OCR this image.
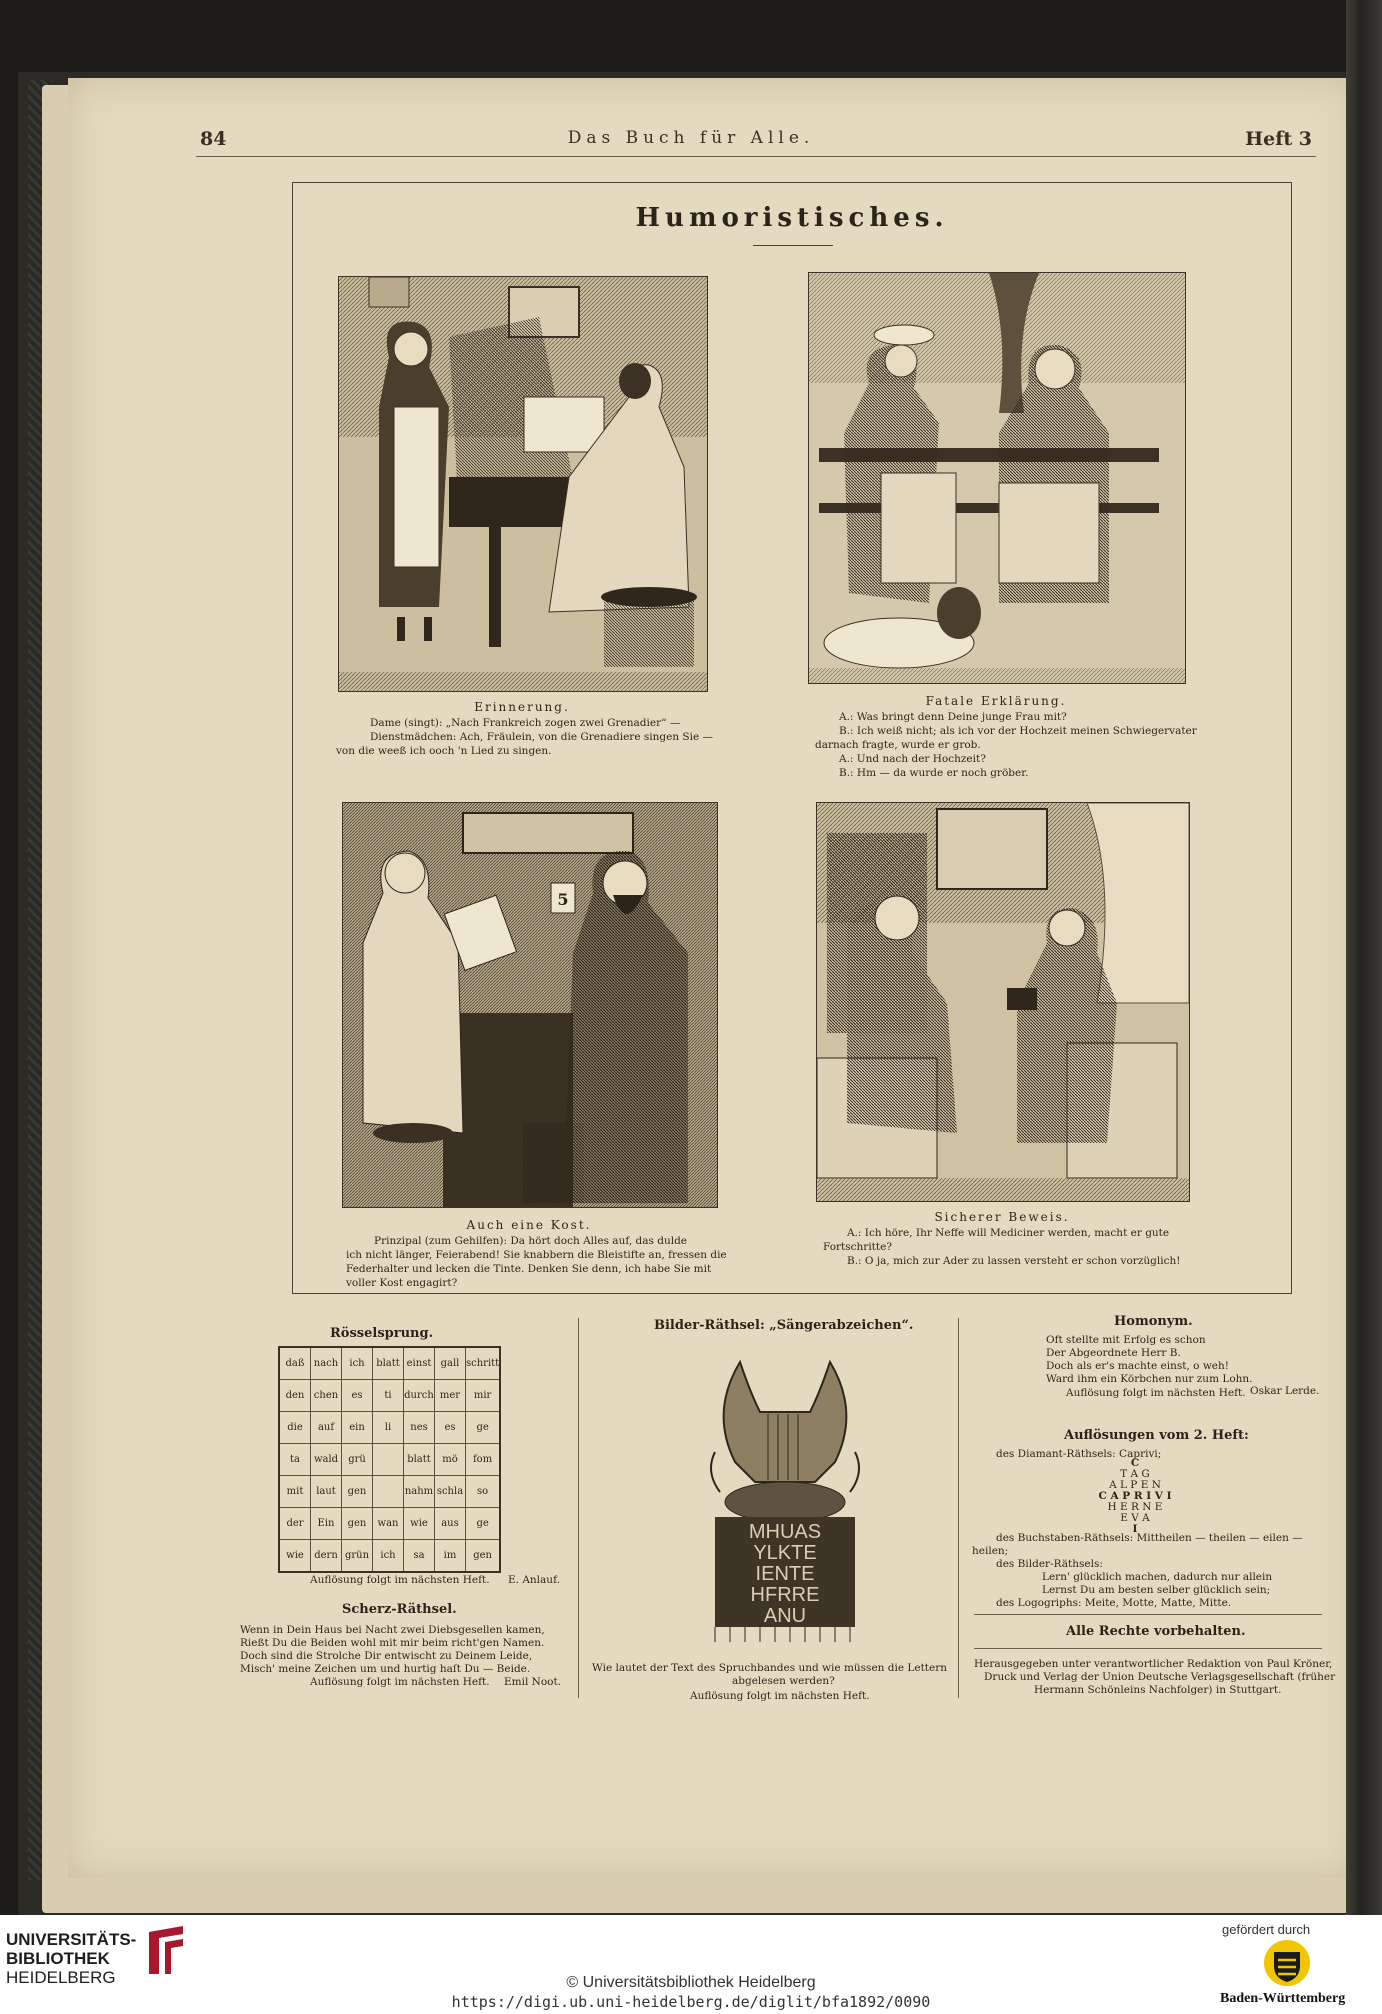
84	Das Buch für Alle.	Heft 3
Humoristisches.
Erinnerung.
Dame (singt): „Nach Frankreich zogen zwei Grenadier“ —
Dienstmädchen: Ach, Fräulein, von die Grenadiere singen Sie —
von die weeß ich ooch 'n Lied zu singen.
Fatale Erklärung.
A.: Was bringt denn Deine junge Frau mit?
B.: Ich weiß nicht; als ich vor der Hochzeit meinen Schwiegervater
darnach fragte, wurde er grob.
A.: Und nach der Hochzeit?
B.: Hm — da wurde er noch gröber.
5
Auch eine Kost.
Prinzipal (zum Gehilfen): Da hört doch Alles auf, das dulde
ich nicht länger, Feierabend! Sie knabbern die Bleistifte an, fressen die
Federhalter und lecken die Tinte. Denken Sie denn, ich habe Sie mit
voller Kost engagirt?
Sicherer Beweis.
A.: Ich höre, Ihr Neffe will Mediciner werden, macht er gute
Fortschritte?
B.: O ja, mich zur Ader zu lassen versteht er schon vorzüglich!
Rösselsprung.
daß	nach	ich	blatt	einst	gall	schritt
den	chen	es	ti	durch	mer	mir
die	auf	ein	li	nes	es	ge
ta	wald	grü		blatt	mö	fom
mit	laut	gen		nahm	schla	so
der	Ein	gen	wan	wie	aus	ge
wie	dern	grün	ich	sa	im	gen
Auflösung folgt im nächsten Heft. E. Anlauf.
Scherz-Räthsel.
Wenn in Dein Haus bei Nacht zwei Diebsgesellen kamen,
Rießt Du die Beiden wohl mit mir beim richt'gen Namen.
Doch sind die Strolche Dir entwischt zu Deinem Leide,
Misch' meine Zeichen um und hurtig haſt Du — Beide.
Auflösung folgt im nächsten Heft. Emil Noot.
Bilder-Räthsel: „Sängerabzeichen“.
MHUAS
YLKTE
IENTE
HFRRE
ANU
Wie lautet der Text des Spruchbandes und wie müssen die Lettern
abgelesen werden?
Auflösung folgt im nächsten Heft.
Homonym.
Oft stellte mit Erfolg es schon
Der Abgeordnete Herr B.
Doch als er's machte einst, o weh!
Ward ihm ein Körbchen nur zum Lohn.
Auflösung folgt im nächsten Heft. Oskar Lerde.
Auflösungen vom 2. Heft:
des Diamant-Räthsels: Caprivi;
C
T A G
A L P E N
C A P R I V I
H E R N E
E V A
I
des Buchstaben-Räthsels: Mittheilen — theilen — eilen —
heilen;
des Bilder-Räthsels:
Lern' glücklich machen, dadurch nur allein
Lernst Du am besten selber glücklich sein;
des Logogriphs: Meite, Motte, Matte, Mitte.
Alle Rechte vorbehalten.
Herausgegeben unter verantwortlicher Redaktion von Paul Kröner,
Druck und Verlag der Union Deutsche Verlagsgesellschaft (früher
Hermann Schönleins Nachfolger) in Stuttgart.
UNIVERSITÄTS-
BIBLIOTHEK
HEIDELBERG	© Universitätsbibliothek Heidelberg
https://digi.ub.uni-heidelberg.de/diglit/bfa1892/0090
gefördert durch
Baden-Württemberg
